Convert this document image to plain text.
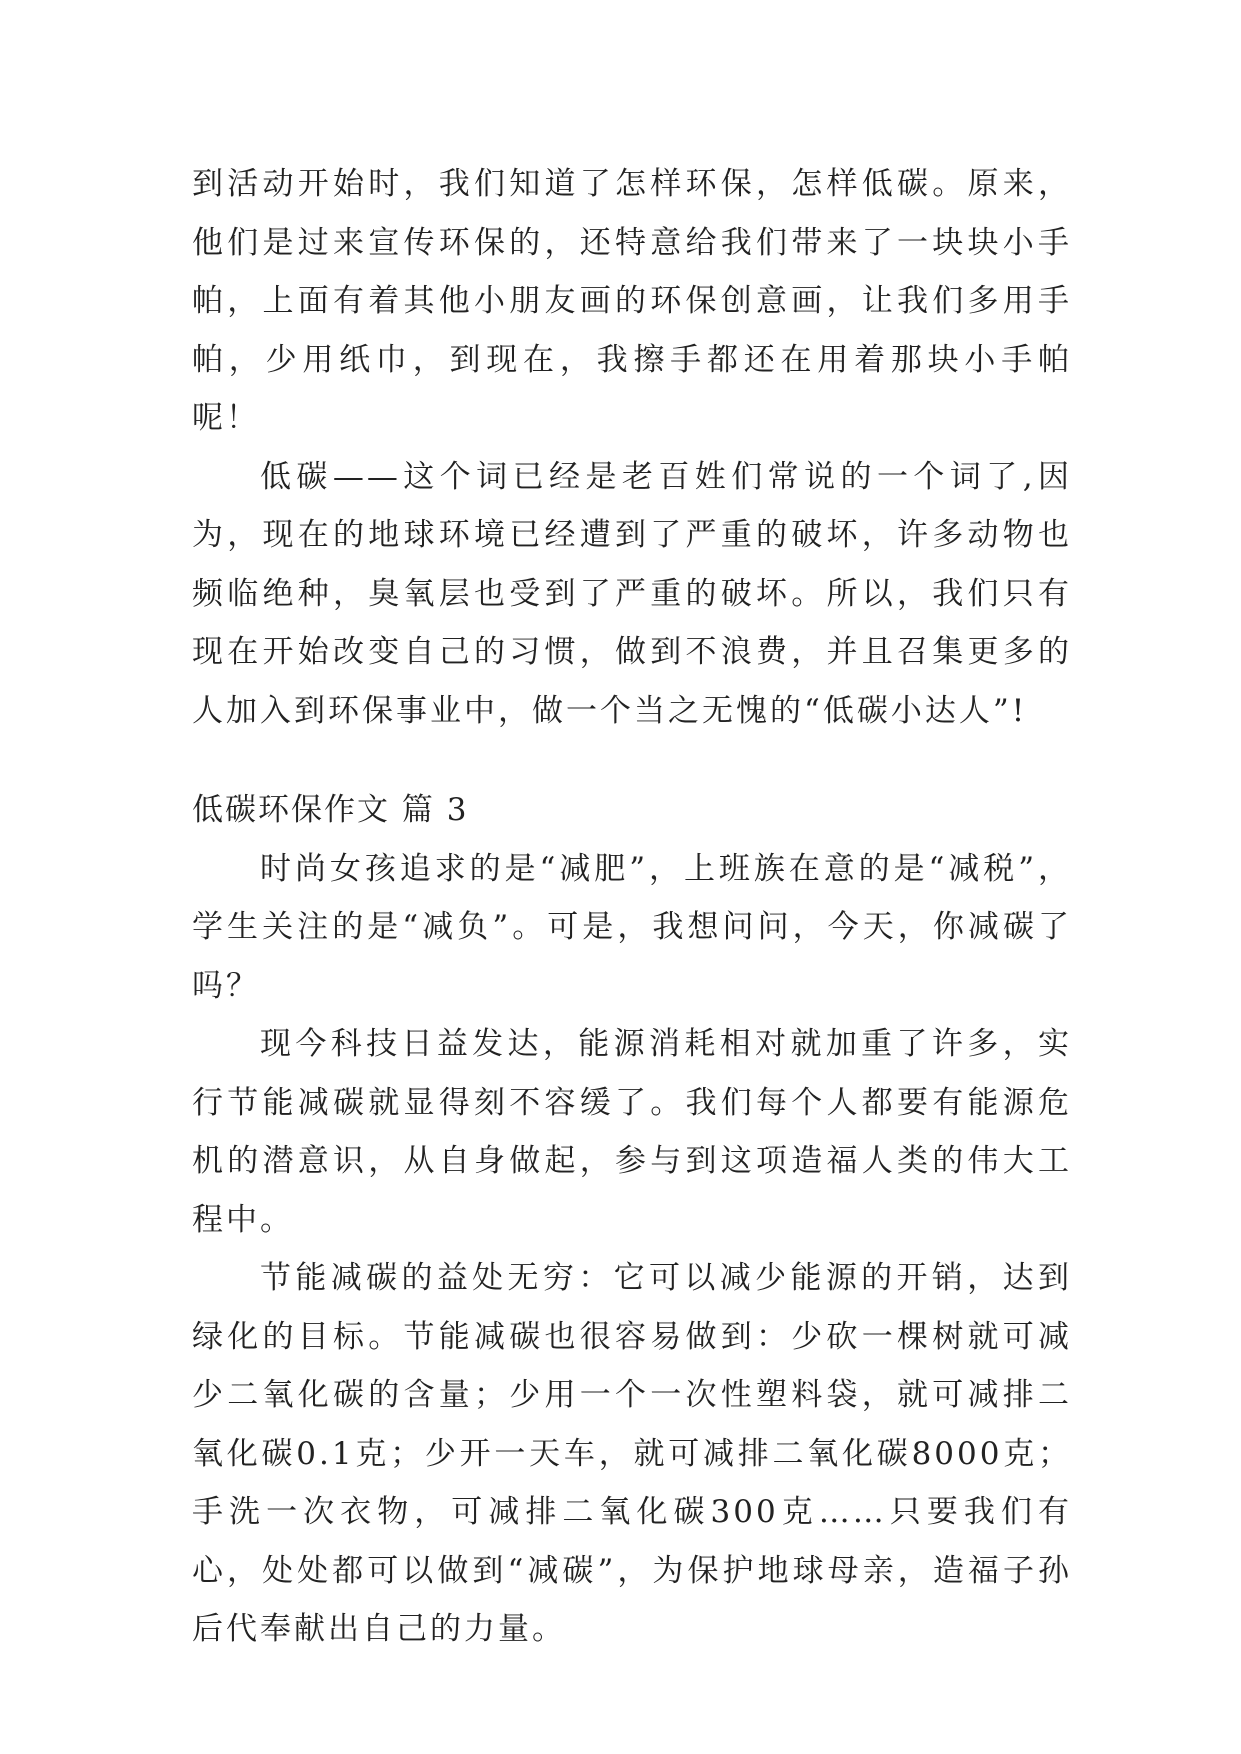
到活动开始时，我们知道了怎样环保，怎样低碳。原来，他们是过来宣传环保的，还特意给我们带来了一块块小手帕，上面有着其他小朋友画的环保创意画，让我们多用手帕，少用纸巾，到现在，我擦手都还在用着那块小手帕呢！

低碳——这个词已经是老百姓们常说的一个词了,因为，现在的地球环境已经遭到了严重的破坏，许多动物也频临绝种，臭氧层也受到了严重的破坏。所以，我们只有现在开始改变自己的习惯，做到不浪费，并且召集更多的人加入到环保事业中，做一个当之无愧的“低碳小达人”!

低碳环保作文 篇 3

时尚女孩追求的是“减肥”，上班族在意的是“减税”，学生关注的是“减负”。可是，我想问问，今天，你减碳了吗？

现今科技日益发达，能源消耗相对就加重了许多，实行节能减碳就显得刻不容缓了。我们每个人都要有能源危机的潜意识，从自身做起，参与到这项造福人类的伟大工程中。

节能减碳的益处无穷：它可以减少能源的开销，达到绿化的目标。节能减碳也很容易做到：少砍一棵树就可减少二氧化碳的含量；少用一个一次性塑料袋，就可减排二氧化碳0.1克；少开一天车，就可减排二氧化碳8000克；手洗一次衣物，可减排二氧化碳300克……只要我们有心，处处都可以做到“减碳”，为保护地球母亲，造福子孙后代奉献出自己的力量。
